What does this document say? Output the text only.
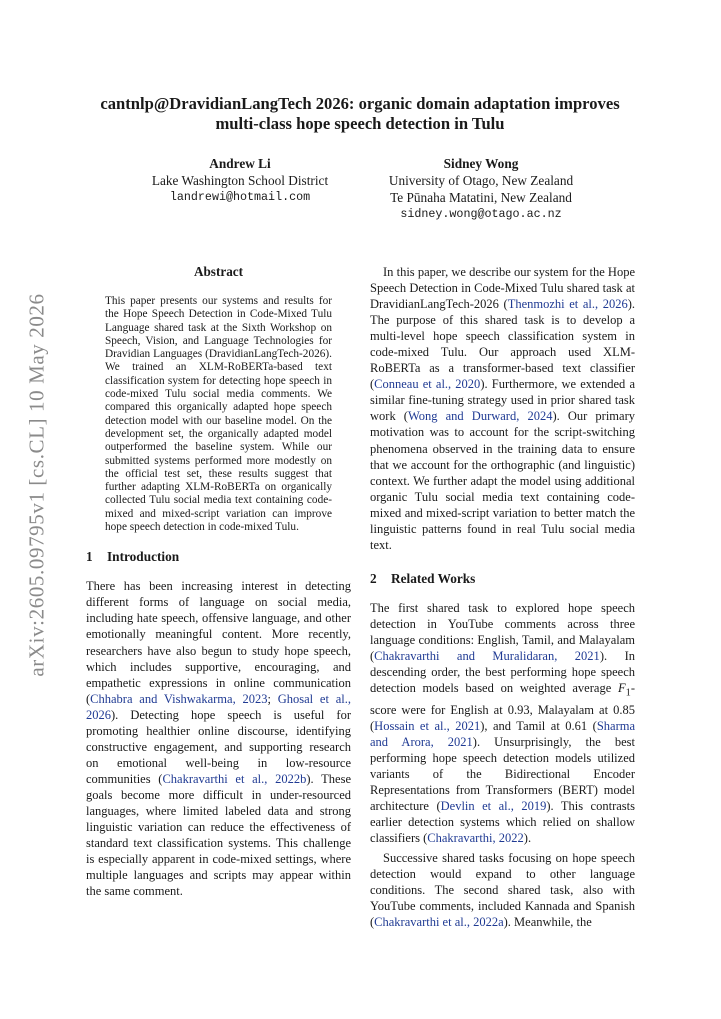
arXiv:2605.09795v1 [cs.CL] 10 May 2026
cantnlp@DravidianLangTech 2026: organic domain adaptation improves multi-class hope speech detection in Tulu
Andrew Li
Lake Washington School District
landrewi@hotmail.com
Sidney Wong
University of Otago, New Zealand
Te Pūnaha Matatini, New Zealand
sidney.wong@otago.ac.nz
Abstract

This paper presents our systems and results for the Hope Speech Detection in Code-Mixed Tulu Language shared task at the Sixth Workshop on Speech, Vision, and Language Technologies for Dravidian Languages (DravidianLangTech-2026). We trained an XLM-RoBERTa-based text classification system for detecting hope speech in code-mixed Tulu social media comments. We compared this organically adapted hope speech detection model with our baseline model. On the development set, the organically adapted model outperformed the baseline system. While our submitted systems performed more modestly on the official test set, these results suggest that further adapting XLM-RoBERTa on organically collected Tulu social media text containing code-mixed and mixed-script variation can improve hope speech detection in code-mixed Tulu.

1 Introduction

There has been increasing interest in detecting different forms of language on social media, including hate speech, offensive language, and other emotionally meaningful content. More recently, researchers have also begun to study hope speech, which includes supportive, encouraging, and empathetic expressions in online communication (Chhabra and Vishwakarma, 2023; Ghosal et al., 2026). Detecting hope speech is useful for promoting healthier online discourse, identifying constructive engagement, and supporting research on emotional well-being in low-resource communities (Chakravarthi et al., 2022b). These goals become more difficult in under-resourced languages, where limited labeled data and strong linguistic variation can reduce the effectiveness of standard text classification systems. This challenge is especially apparent in code-mixed settings, where multiple languages and scripts may appear within the same comment.

In this paper, we describe our system for the Hope Speech Detection in Code-Mixed Tulu shared task at DravidianLangTech-2026 (Thenmozhi et al., 2026). The purpose of this shared task is to develop a multi-level hope speech classification system in code-mixed Tulu. Our approach used XLM-RoBERTa as a transformer-based text classifier (Conneau et al., 2020). Furthermore, we extended a similar fine-tuning strategy used in prior shared task work (Wong and Durward, 2024). Our primary motivation was to account for the script-switching phenomena observed in the training data to ensure that we account for the orthographic (and linguistic) context. We further adapt the model using additional organic Tulu social media text containing code-mixed and mixed-script variation to better match the linguistic patterns found in real Tulu social media text.

2 Related Works

The first shared task to explored hope speech detection in YouTube comments across three language conditions: English, Tamil, and Malayalam (Chakravarthi and Muralidaran, 2021). In descending order, the best performing hope speech detection models based on weighted average $F_1$-score were for English at 0.93, Malayalam at 0.85 (Hossain et al., 2021), and Tamil at 0.61 (Sharma and Arora, 2021). Unsurprisingly, the best performing hope speech detection models utilized variants of the Bidirectional Encoder Representations from Transformers (BERT) model architecture (Devlin et al., 2019). This contrasts earlier detection systems which relied on shallow classifiers (Chakravarthi, 2022).

Successive shared tasks focusing on hope speech detection would expand to other language conditions. The second shared task, also with YouTube comments, included Kannada and Spanish (Chakravarthi et al., 2022a). Meanwhile, the
